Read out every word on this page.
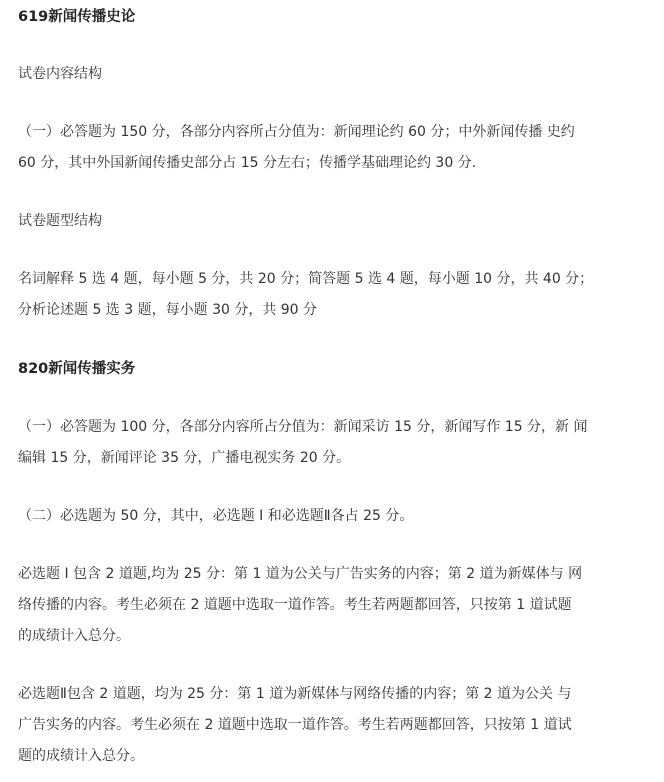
619新闻传播史论
试卷内容结构
（一）必答题为 150 分，各部分内容所占分值为：新闻理论约 60 分；中外新闻传播 史约
60 分，其中外国新闻传播史部分占 15 分左右；传播学基础理论约 30 分.
试卷题型结构
名词解释 5 选 4 题，每小题 5 分，共 20 分；简答题 5 选 4 题，每小题 10 分，共 40 分；
分析论述题 5 选 3 题，每小题 30 分，共 90 分
820新闻传播实务
（一）必答题为 100 分，各部分内容所占分值为：新闻采访 15 分，新闻写作 15 分，新 闻
编辑 15 分，新闻评论 35 分，广播电视实务 20 分。
（二）必选题为 50 分，其中，必选题 I 和必选题Ⅱ各占 25 分。
必选题 I 包含 2 道题,均为 25 分：第 1 道为公关与广告实务的内容；第 2 道为新媒体与 网
络传播的内容。考生必须在 2 道题中选取一道作答。考生若两题都回答，只按第 1 道试题
的成绩计入总分。
必选题Ⅱ包含 2 道题，均为 25 分：第 1 道为新媒体与网络传播的内容；第 2 道为公关 与
广告实务的内容。考生必须在 2 道题中选取一道作答。考生若两题都回答，只按第 1 道试
题的成绩计入总分。
